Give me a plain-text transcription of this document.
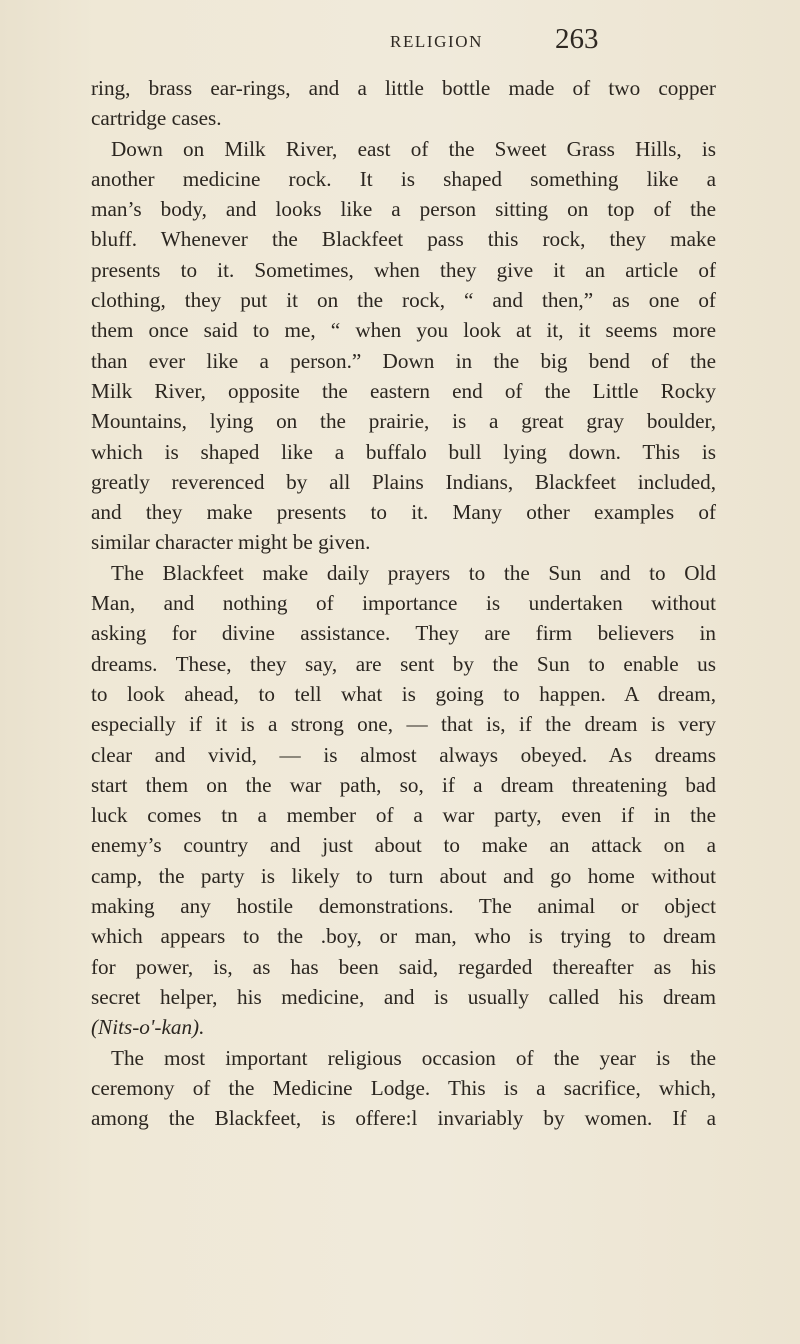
RELIGION 263
ring, brass ear-rings, and a little bottle made of two copper
cartridge cases.
Down on Milk River, east of the Sweet Grass Hills, is
another medicine rock. It is shaped something like a
man’s body, and looks like a person sitting on top of the
bluff. Whenever the Blackfeet pass this rock, they make
presents to it. Sometimes, when they give it an article of
clothing, they put it on the rock, “ and then,” as one of
them once said to me, “ when you look at it, it seems more
than ever like a person.” Down in the big bend of the
Milk River, opposite the eastern end of the Little Rocky
Mountains, lying on the prairie, is a great gray boulder,
which is shaped like a buffalo bull lying down. This is
greatly reverenced by all Plains Indians, Blackfeet included,
and they make presents to it. Many other examples of
similar character might be given.
The Blackfeet make daily prayers to the Sun and to Old
Man, and nothing of importance is undertaken without
asking for divine assistance. They are firm believers in
dreams. These, they say, are sent by the Sun to enable us
to look ahead, to tell what is going to happen. A dream,
especially if it is a strong one, — that is, if the dream is very
clear and vivid, — is almost always obeyed. As dreams
start them on the war path, so, if a dream threatening bad
luck comes tn a member of a war party, even if in the
enemy’s country and just about to make an attack on a
camp, the party is likely to turn about and go home without
making any hostile demonstrations. The animal or object
which appears to the .boy, or man, who is trying to dream
for power, is, as has been said, regarded thereafter as his
secret helper, his medicine, and is usually called his dream
(Nits-o'-kan).
The most important religious occasion of the year is the
ceremony of the Medicine Lodge. This is a sacrifice, which,
among the Blackfeet, is offere:l invariably by women. If a
